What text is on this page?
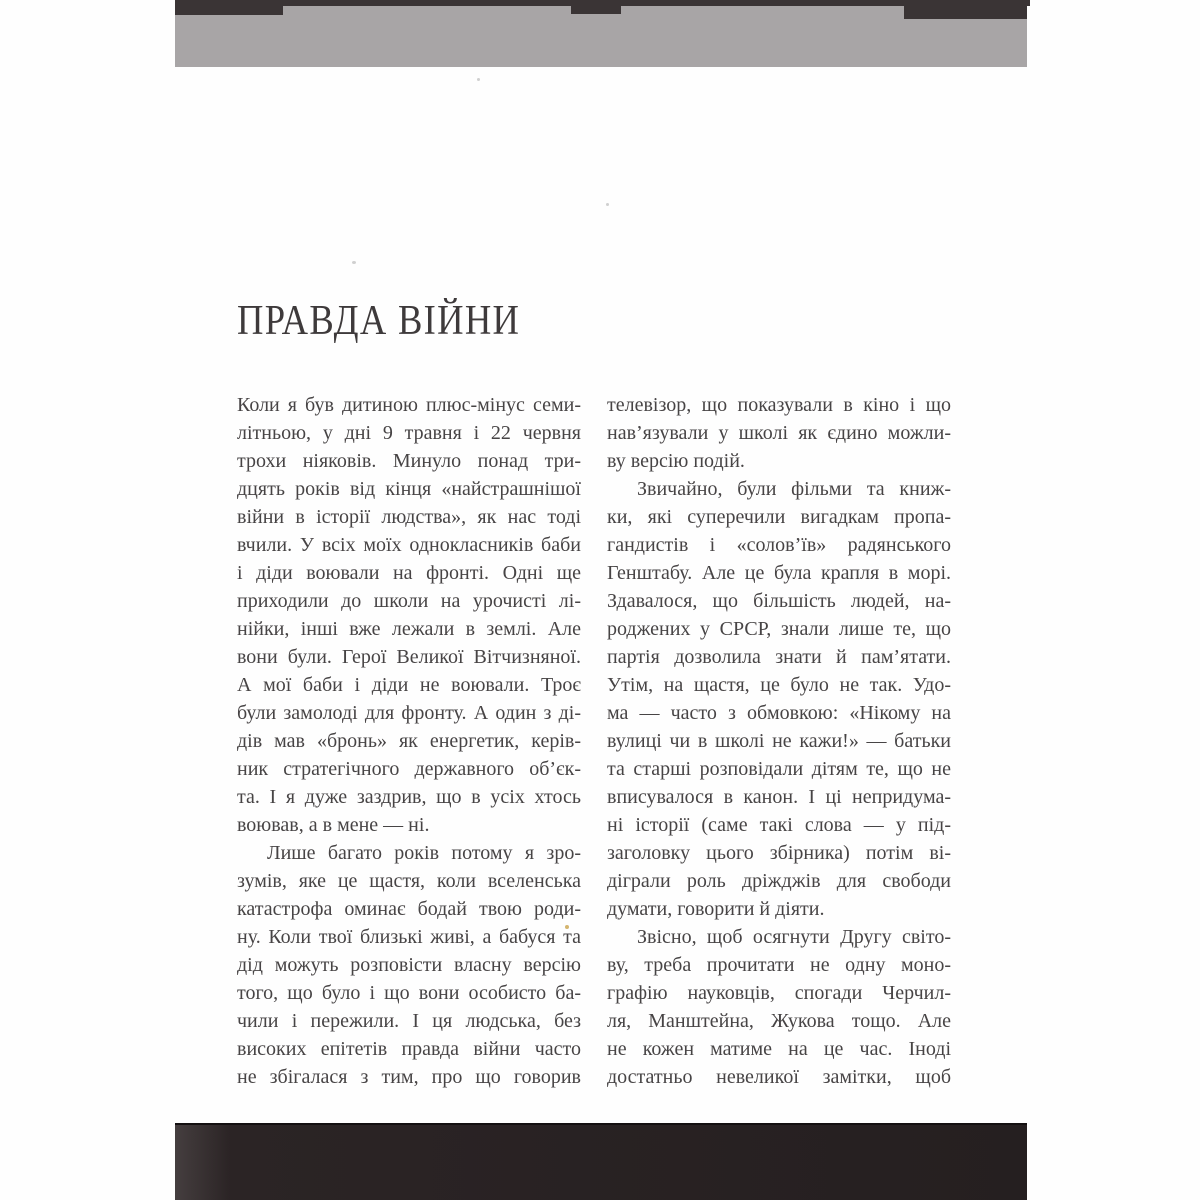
ПРАВДА ВІЙНИ
Коли я був дитиною плюс-мінус семи-
літньою, у дні 9 травня і 22 червня
трохи ніяковів. Минуло понад три-
дцять років від кінця «найстрашнішої
війни в історії людства», як нас тоді
вчили. У всіх моїх однокласників баби
і діди воювали на фронті. Одні ще
приходили до школи на урочисті лі-
нійки, інші вже лежали в землі. Але
вони були. Герої Великої Вітчизняної.
А мої баби і діди не воювали. Троє
були замолоді для фронту. А один з ді-
дів мав «бронь» як енергетик, керів-
ник стратегічного державного об’єк-
та. І я дуже заздрив, що в усіх хтось
воював, а в мене — ні.
Лише багато років потому я зро-
зумів, яке це щастя, коли вселенська
катастрофа оминає бодай твою роди-
ну. Коли твої близькі живі, а бабуся та
дід можуть розповісти власну версію
того, що було і що вони особисто ба-
чили і пережили. І ця людська, без
високих епітетів правда війни часто
не збігалася з тим, про що говорив
телевізор, що показували в кіно і що
нав’язували у школі як єдино можли-
ву версію подій.
Звичайно, були фільми та книж-
ки, які суперечили вигадкам пропа-
гандистів і «солов’їв» радянського
Генштабу. Але це була крапля в морі.
Здавалося, що більшість людей, на-
роджених у СРСР, знали лише те, що
партія дозволила знати й пам’ятати.
Утім, на щастя, це було не так. Удо-
ма — часто з обмовкою: «Нікому на
вулиці чи в школі не кажи!» — батьки
та старші розповідали дітям те, що не
вписувалося в канон. І ці непридума-
ні історії (саме такі слова — у під-
заголовку цього збірника) потім ві-
діграли роль дріжджів для свободи
думати, говорити й діяти.
Звісно, щоб осягнути Другу світо-
ву, треба прочитати не одну моно-
графію науковців, спогади Черчил-
ля, Манштейна, Жукова тощо. Але
не кожен матиме на це час. Іноді
достатньо невеликої замітки, щоб
